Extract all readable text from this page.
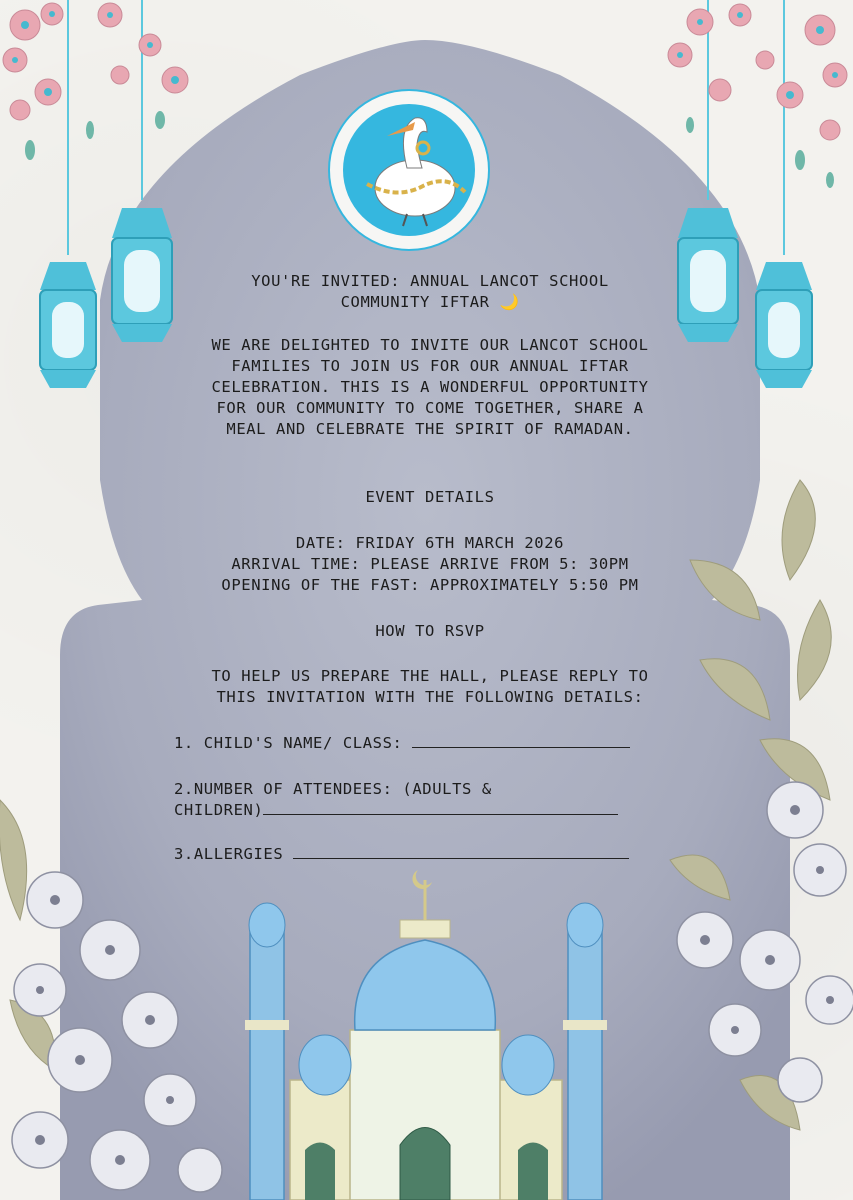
YOU'RE INVITED: ANNUAL LANCOT SCHOOL
COMMUNITY IFTAR 🌙
WE ARE DELIGHTED TO INVITE OUR LANCOT SCHOOL
FAMILIES TO JOIN US FOR OUR ANNUAL IFTAR
CELEBRATION. THIS IS A WONDERFUL OPPORTUNITY
FOR OUR COMMUNITY TO COME TOGETHER, SHARE A
MEAL AND CELEBRATE THE SPIRIT OF RAMADAN.
EVENT DETAILS
DATE: FRIDAY 6TH MARCH 2026
ARRIVAL TIME: PLEASE ARRIVE FROM 5: 30PM
OPENING OF THE FAST: APPROXIMATELY 5:50 PM
HOW TO RSVP
TO HELP US PREPARE THE HALL, PLEASE REPLY TO
THIS INVITATION WITH THE FOLLOWING DETAILS:
1. CHILD'S NAME/ CLASS:
2.NUMBER OF ATTENDEES: (ADULTS &
CHILDREN)
3.ALLERGIES
